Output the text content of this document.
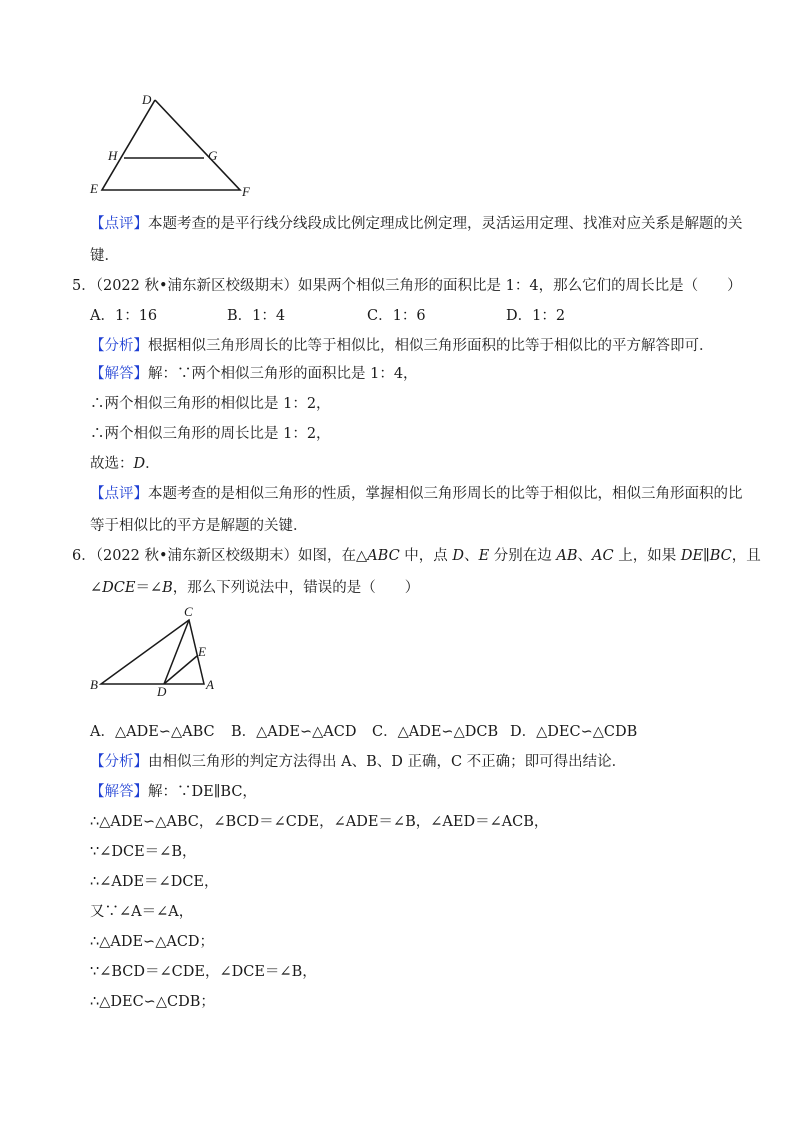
D
H	G
E	F
【点评】本题考查的是平行线分线段成比例定理成比例定理，灵活运用定理、找准对应关系是解题的关
键．
5．（2022 秋•浦东新区校级期末）如果两个相似三角形的面积比是 1：4，那么它们的周长比是（　　）
A．1：16	B．1：4	C．1：6	D．1：2
【分析】根据相似三角形周长的比等于相似比，相似三角形面积的比等于相似比的平方解答即可．
【解答】解：∵两个相似三角形的面积比是 1：4，
∴两个相似三角形的相似比是 1：2，
∴两个相似三角形的周长比是 1：2，
故选：D．
【点评】本题考查的是相似三角形的性质，掌握相似三角形周长的比等于相似比，相似三角形面积的比
等于相似比的平方是解题的关键．
6．（2022 秋•浦东新区校级期末）如图，在△ABC 中，点 D、E 分别在边 AB、AC 上，如果 DE∥BC，且
∠DCE＝∠B，那么下列说法中，错误的是（　　）
C
E
B	D	A
A．△ADE∽△ABC B．△ADE∽△ACD C．△ADE∽△DCB D．△DEC∽△CDB
【分析】由相似三角形的判定方法得出 A、B、D 正确，C 不正确；即可得出结论．
【解答】解：∵DE∥BC，
∴△ADE∽△ABC，∠BCD＝∠CDE，∠ADE＝∠B，∠AED＝∠ACB，
∵∠DCE＝∠B，
∴∠ADE＝∠DCE，
又∵∠A＝∠A，
∴△ADE∽△ACD；
∵∠BCD＝∠CDE，∠DCE＝∠B，
∴△DEC∽△CDB；
